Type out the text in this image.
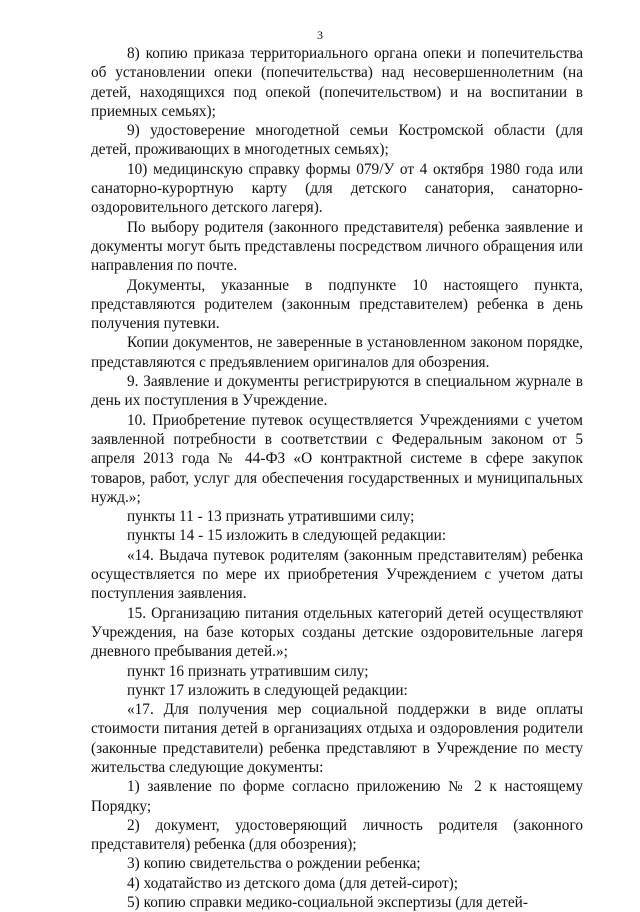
3

8) копию приказа территориального органа опеки и попечительства об установлении опеки (попечительства) над несовершеннолетним (на детей, находящихся под опекой (попечительством) и на воспитании в приемных семьях);

9) удостоверение многодетной семьи Костромской области (для детей, проживающих в многодетных семьях);

10) медицинскую справку формы 079/У от 4 октября 1980 года или санаторно-курортную карту (для детского санатория, санаторно-оздоровительного детского лагеря).

По выбору родителя (законного представителя) ребенка заявление и документы могут быть представлены посредством личного обращения или направления по почте.

Документы, указанные в подпункте 10 настоящего пункта, представляются родителем (законным представителем) ребенка в день получения путевки.

Копии документов, не заверенные в установленном законом порядке, представляются с предъявлением оригиналов для обозрения.

9. Заявление и документы регистрируются в специальном журнале в день их поступления в Учреждение.

10. Приобретение путевок осуществляется Учреждениями с учетом заявленной потребности в соответствии с Федеральным законом от 5 апреля 2013 года № 44-ФЗ «О контрактной системе в сфере закупок товаров, работ, услуг для обеспечения государственных и муниципальных нужд.»;

пункты 11 - 13 признать утратившими силу;

пункты 14 - 15 изложить в следующей редакции:

«14. Выдача путевок родителям (законным представителям) ребенка осуществляется по мере их приобретения Учреждением с учетом даты поступления заявления.

15. Организацию питания отдельных категорий детей осуществляют Учреждения, на базе которых созданы детские оздоровительные лагеря дневного пребывания детей.»;

пункт 16 признать утратившим силу;

пункт 17 изложить в следующей редакции:

«17. Для получения мер социальной поддержки в виде оплаты стоимости питания детей в организациях отдыха и оздоровления родители (законные представители) ребенка представляют в Учреждение по месту жительства следующие документы:

1) заявление по форме согласно приложению № 2 к настоящему Порядку;

2) документ, удостоверяющий личность родителя (законного представителя) ребенка (для обозрения);

3) копию свидетельства о рождении ребенка;

4) ходатайство из детского дома (для детей-сирот);

5) копию справки медико-социальной экспертизы (для детей-
